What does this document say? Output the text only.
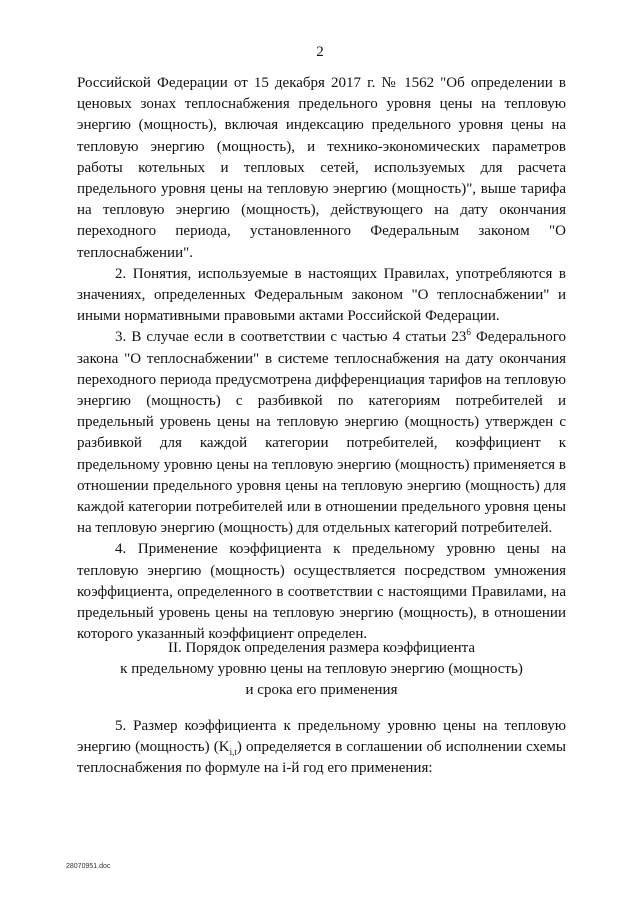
2

Российской Федерации от 15 декабря 2017 г. № 1562 "Об определении в ценовых зонах теплоснабжения предельного уровня цены на тепловую энергию (мощность), включая индексацию предельного уровня цены на тепловую энергию (мощность), и технико-экономических параметров работы котельных и тепловых сетей, используемых для расчета предельного уровня цены на тепловую энергию (мощность)", выше тарифа на тепловую энергию (мощность), действующего на дату окончания переходного периода, установленного Федеральным законом "О теплоснабжении".

2. Понятия, используемые в настоящих Правилах, употребляются в значениях, определенных Федеральным законом "О теплоснабжении" и иными нормативными правовыми актами Российской Федерации.

3. В случае если в соответствии с частью 4 статьи $23^6$ Федерального закона "О теплоснабжении" в системе теплоснабжения на дату окончания переходного периода предусмотрена дифференциация тарифов на тепловую энергию (мощность) с разбивкой по категориям потребителей и предельный уровень цены на тепловую энергию (мощность) утвержден с разбивкой для каждой категории потребителей, коэффициент к предельному уровню цены на тепловую энергию (мощность) применяется в отношении предельного уровня цены на тепловую энергию (мощность) для каждой категории потребителей или в отношении предельного уровня цены на тепловую энергию (мощность) для отдельных категорий потребителей.

4. Применение коэффициента к предельному уровню цены на тепловую энергию (мощность) осуществляется посредством умножения коэффициента, определенного в соответствии с настоящими Правилами, на предельный уровень цены на тепловую энергию (мощность), в отношении которого указанный коэффициент определен.

II. Порядок определения размера коэффициента
к предельному уровню цены на тепловую энергию (мощность)
и срока его применения

5. Размер коэффициента к предельному уровню цены на тепловую энергию (мощность) $(K_{i,t})$ определяется в соглашении об исполнении схемы теплоснабжения по формуле на i-й год его применения:

28070951.doc
